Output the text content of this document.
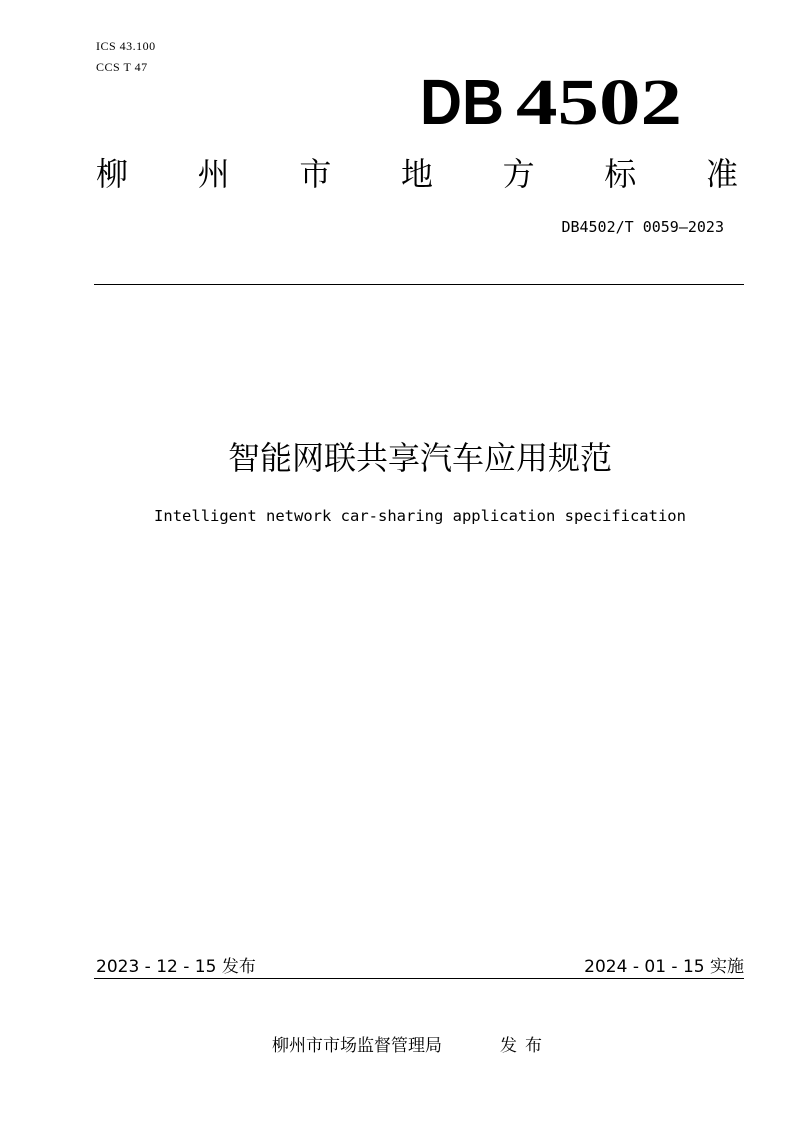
ICS 43.100
CCS T 47	DB 4502
柳 州 市 地 方 标 准
DB4502/T 0059—2023
智能网联共享汽车应用规范
Intelligent network car-sharing application specification
2023 - 12 - 15 发布	2024 - 01 - 15 实施
柳州市市场监督管理局	发布
